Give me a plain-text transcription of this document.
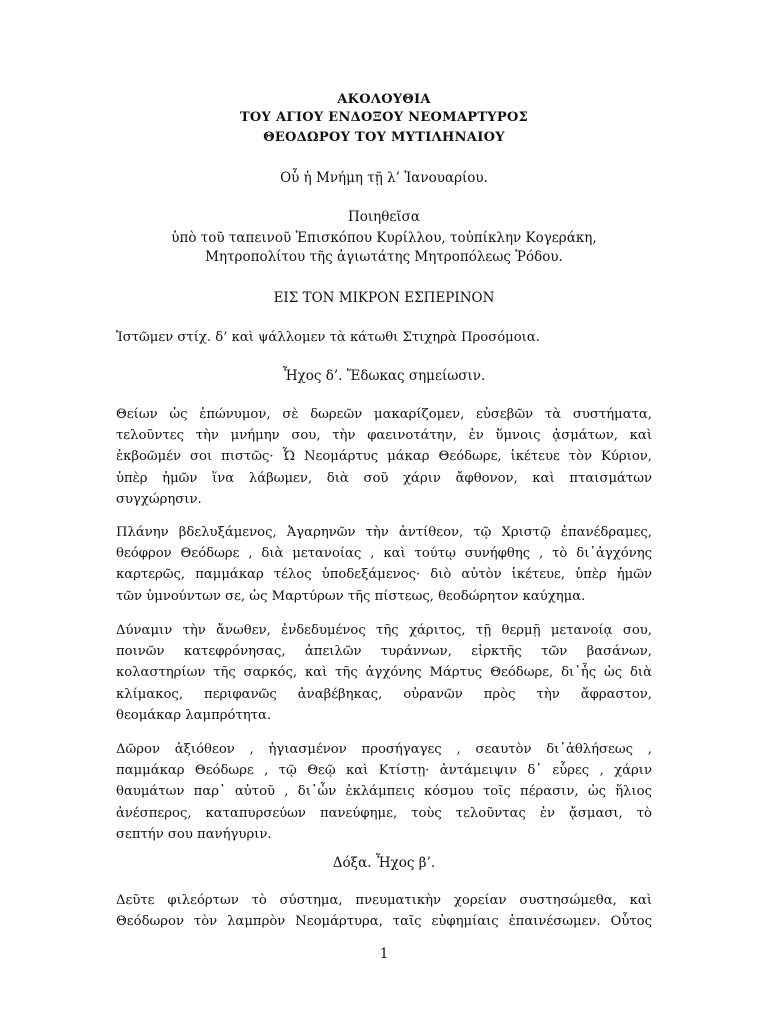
ΑΚΟΛΟΥΘΙΑ
ΤΟΥ ΑΓΙΟΥ ΕΝΔΟΞΟΥ ΝΕΟΜΑΡΤΥΡΟΣ
ΘΕΟΔΩΡΟΥ ΤΟΥ ΜΥΤΙΛΗΝΑΙΟΥ
Οὗ ἡ Μνήμη τῇ λ’ Ἰανουαρίου.
Ποιηθεῖσα
ὑπὸ τοῦ ταπεινοῦ Ἐπισκόπου Κυρίλλου, τοὐπίκλην Κογεράκη,
Μητροπολίτου τῆς ἁγιωτάτης Μητροπόλεως Ῥόδου.
ΕΙΣ ΤΟΝ ΜΙΚΡΟΝ ΕΣΠΕΡΙΝΟΝ
Ἱστῶμεν στίχ. δ’ καὶ ψάλλομεν τὰ κάτωθι Στιχηρὰ Προσόμοια.
Ἦχος δ’. Ἔδωκας σημείωσιν.
Θείων ὡς ἐπώνυμον, σὲ δωρεῶν μακαρίζομεν, εὐσεβῶν τὰ συστήματα,
τελοῦντες τὴν μνήμην σου, τὴν φαεινοτάτην, ἐν ὕμνοις ᾀσμάτων, καὶ
ἐκβοῶμέν σοι πιστῶς· Ὦ Νεομάρτυς μάκαρ Θεόδωρε, ἱκέτευε τὸν Κύριον,
ὑπὲρ ἡμῶν ἵνα λάβωμεν, διὰ σοῦ χάριν ἄφθονον, καὶ πταισμάτων
συγχώρησιν.
Πλάνην βδελυξάμενος, Ἀγαρηνῶν τὴν ἀντίθεον, τῷ Χριστῷ ἐπανέδραμες,
θεόφρον Θεόδωρε , διὰ μετανοίας , καὶ τούτῳ συνήφθης , τὸ δι᾽ἀγχόνης
καρτερῶς, παμμάκαρ τέλος ὑποδεξάμενος· διὸ αὐτὸν ἱκέτευε, ὑπὲρ ἡμῶν
τῶν ὑμνούντων σε, ὡς Μαρτύρων τῆς πίστεως, θεοδώρητον καύχημα.
Δύναμιν τὴν ἄνωθεν, ἐνδεδυμένος τῆς χάριτος, τῇ θερμῇ μετανοίᾳ σου,
ποινῶν κατεφρόνησας, ἀπειλῶν τυράννων, εἱρκτῆς τῶν βασάνων,
κολαστηρίων τῆς σαρκός, καὶ τῆς ἀγχόνης Μάρτυς Θεόδωρε, δι᾽ἧς ὡς διὰ
κλίμακος, περιφανῶς ἀναβέβηκας, οὐρανῶν πρὸς τὴν ἄφραστον,
θεομάκαρ λαμπρότητα.
Δῶρον ἀξιόθεον , ἡγιασμένον προσήγαγες , σεαυτὸν δι᾽ἀθλήσεως ,
παμμάκαρ Θεόδωρε , τῷ Θεῷ καὶ Κτίστῃ· ἀντάμειψιν δ᾽ εὗρες , χάριν
θαυμάτων παρ᾽ αὐτοῦ , δι᾽ὧν ἐκλάμπεις κόσμου τοῖς πέρασιν, ὡς ἥλιος
ἀνέσπερος, καταπυρσεύων πανεύφημε, τοὺς τελοῦντας ἐν ᾄσμασι, τὸ
σεπτήν σου πανήγυριν.
Δόξα. Ἦχος β’.
Δεῦτε φιλεόρτων τὸ σύστημα, πνευματικὴν χορείαν συστησώμεθα, καὶ
Θεόδωρον τὸν λαμπρὸν Νεομάρτυρα, ταῖς εὐφημίαις ἐπαινέσωμεν. Οὗτος
1
